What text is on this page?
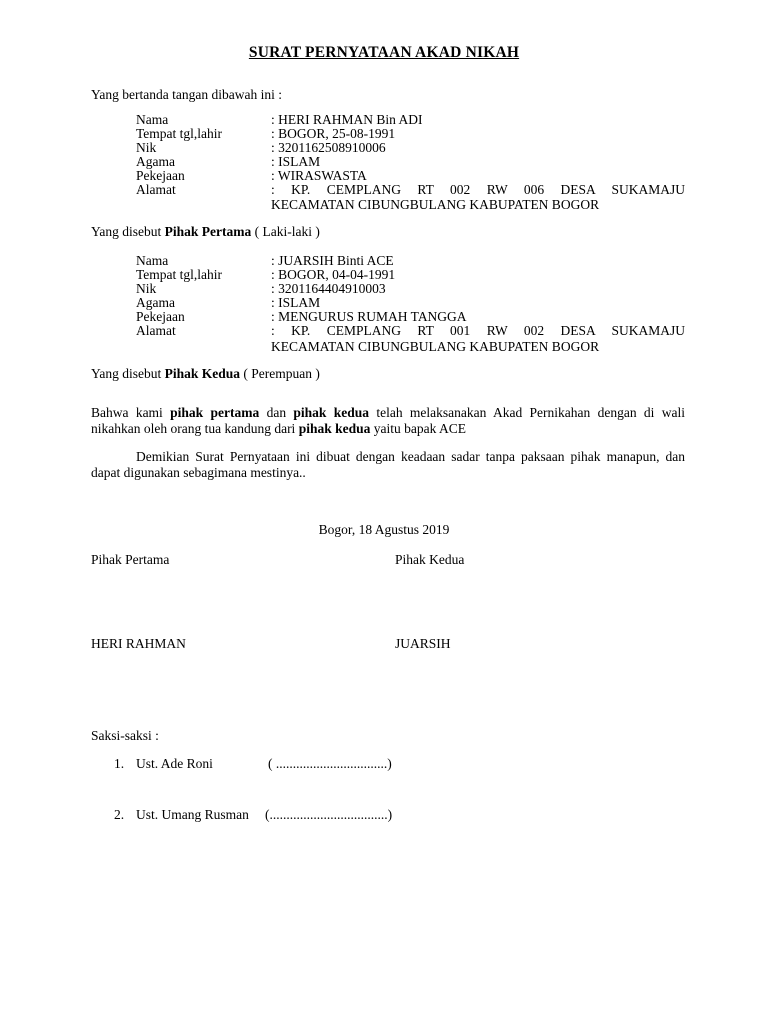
SURAT PERNYATAAN AKAD NIKAH
Yang bertanda tangan dibawah ini :
Nama	: HERI RAHMAN Bin ADI
Tempat tgl,lahir	: BOGOR, 25-08-1991
Nik	: 3201162508910006
Agama	: ISLAM
Pekejaan	: WIRASWASTA
Alamat	: KP. CEMPLANG RT 002 RW 006 DESA SUKAMAJU
KECAMATAN CIBUNGBULANG KABUPATEN BOGOR
Yang disebut Pihak Pertama ( Laki-laki )
Nama	: JUARSIH Binti ACE
Tempat tgl,lahir	: BOGOR, 04-04-1991
Nik	: 3201164404910003
Agama	: ISLAM
Pekejaan	: MENGURUS RUMAH TANGGA
Alamat	: KP. CEMPLANG RT 001 RW 002 DESA SUKAMAJU
KECAMATAN CIBUNGBULANG KABUPATEN BOGOR
Yang disebut Pihak Kedua ( Perempuan )
Bahwa kami pihak pertama dan pihak kedua telah melaksanakan Akad Pernikahan dengan di wali nikahkan oleh orang tua kandung dari pihak kedua yaitu bapak ACE
Demikian Surat Pernyataan ini dibuat dengan keadaan sadar tanpa paksaan pihak manapun, dan dapat digunakan sebagimana mestinya..
Bogor, 18 Agustus 2019
Pihak Pertama	Pihak Kedua
HERI RAHMAN	JUARSIH
Saksi-saksi :
1. Ust. Ade Roni	( .................................)
2. Ust. Umang Rusman (...................................)
